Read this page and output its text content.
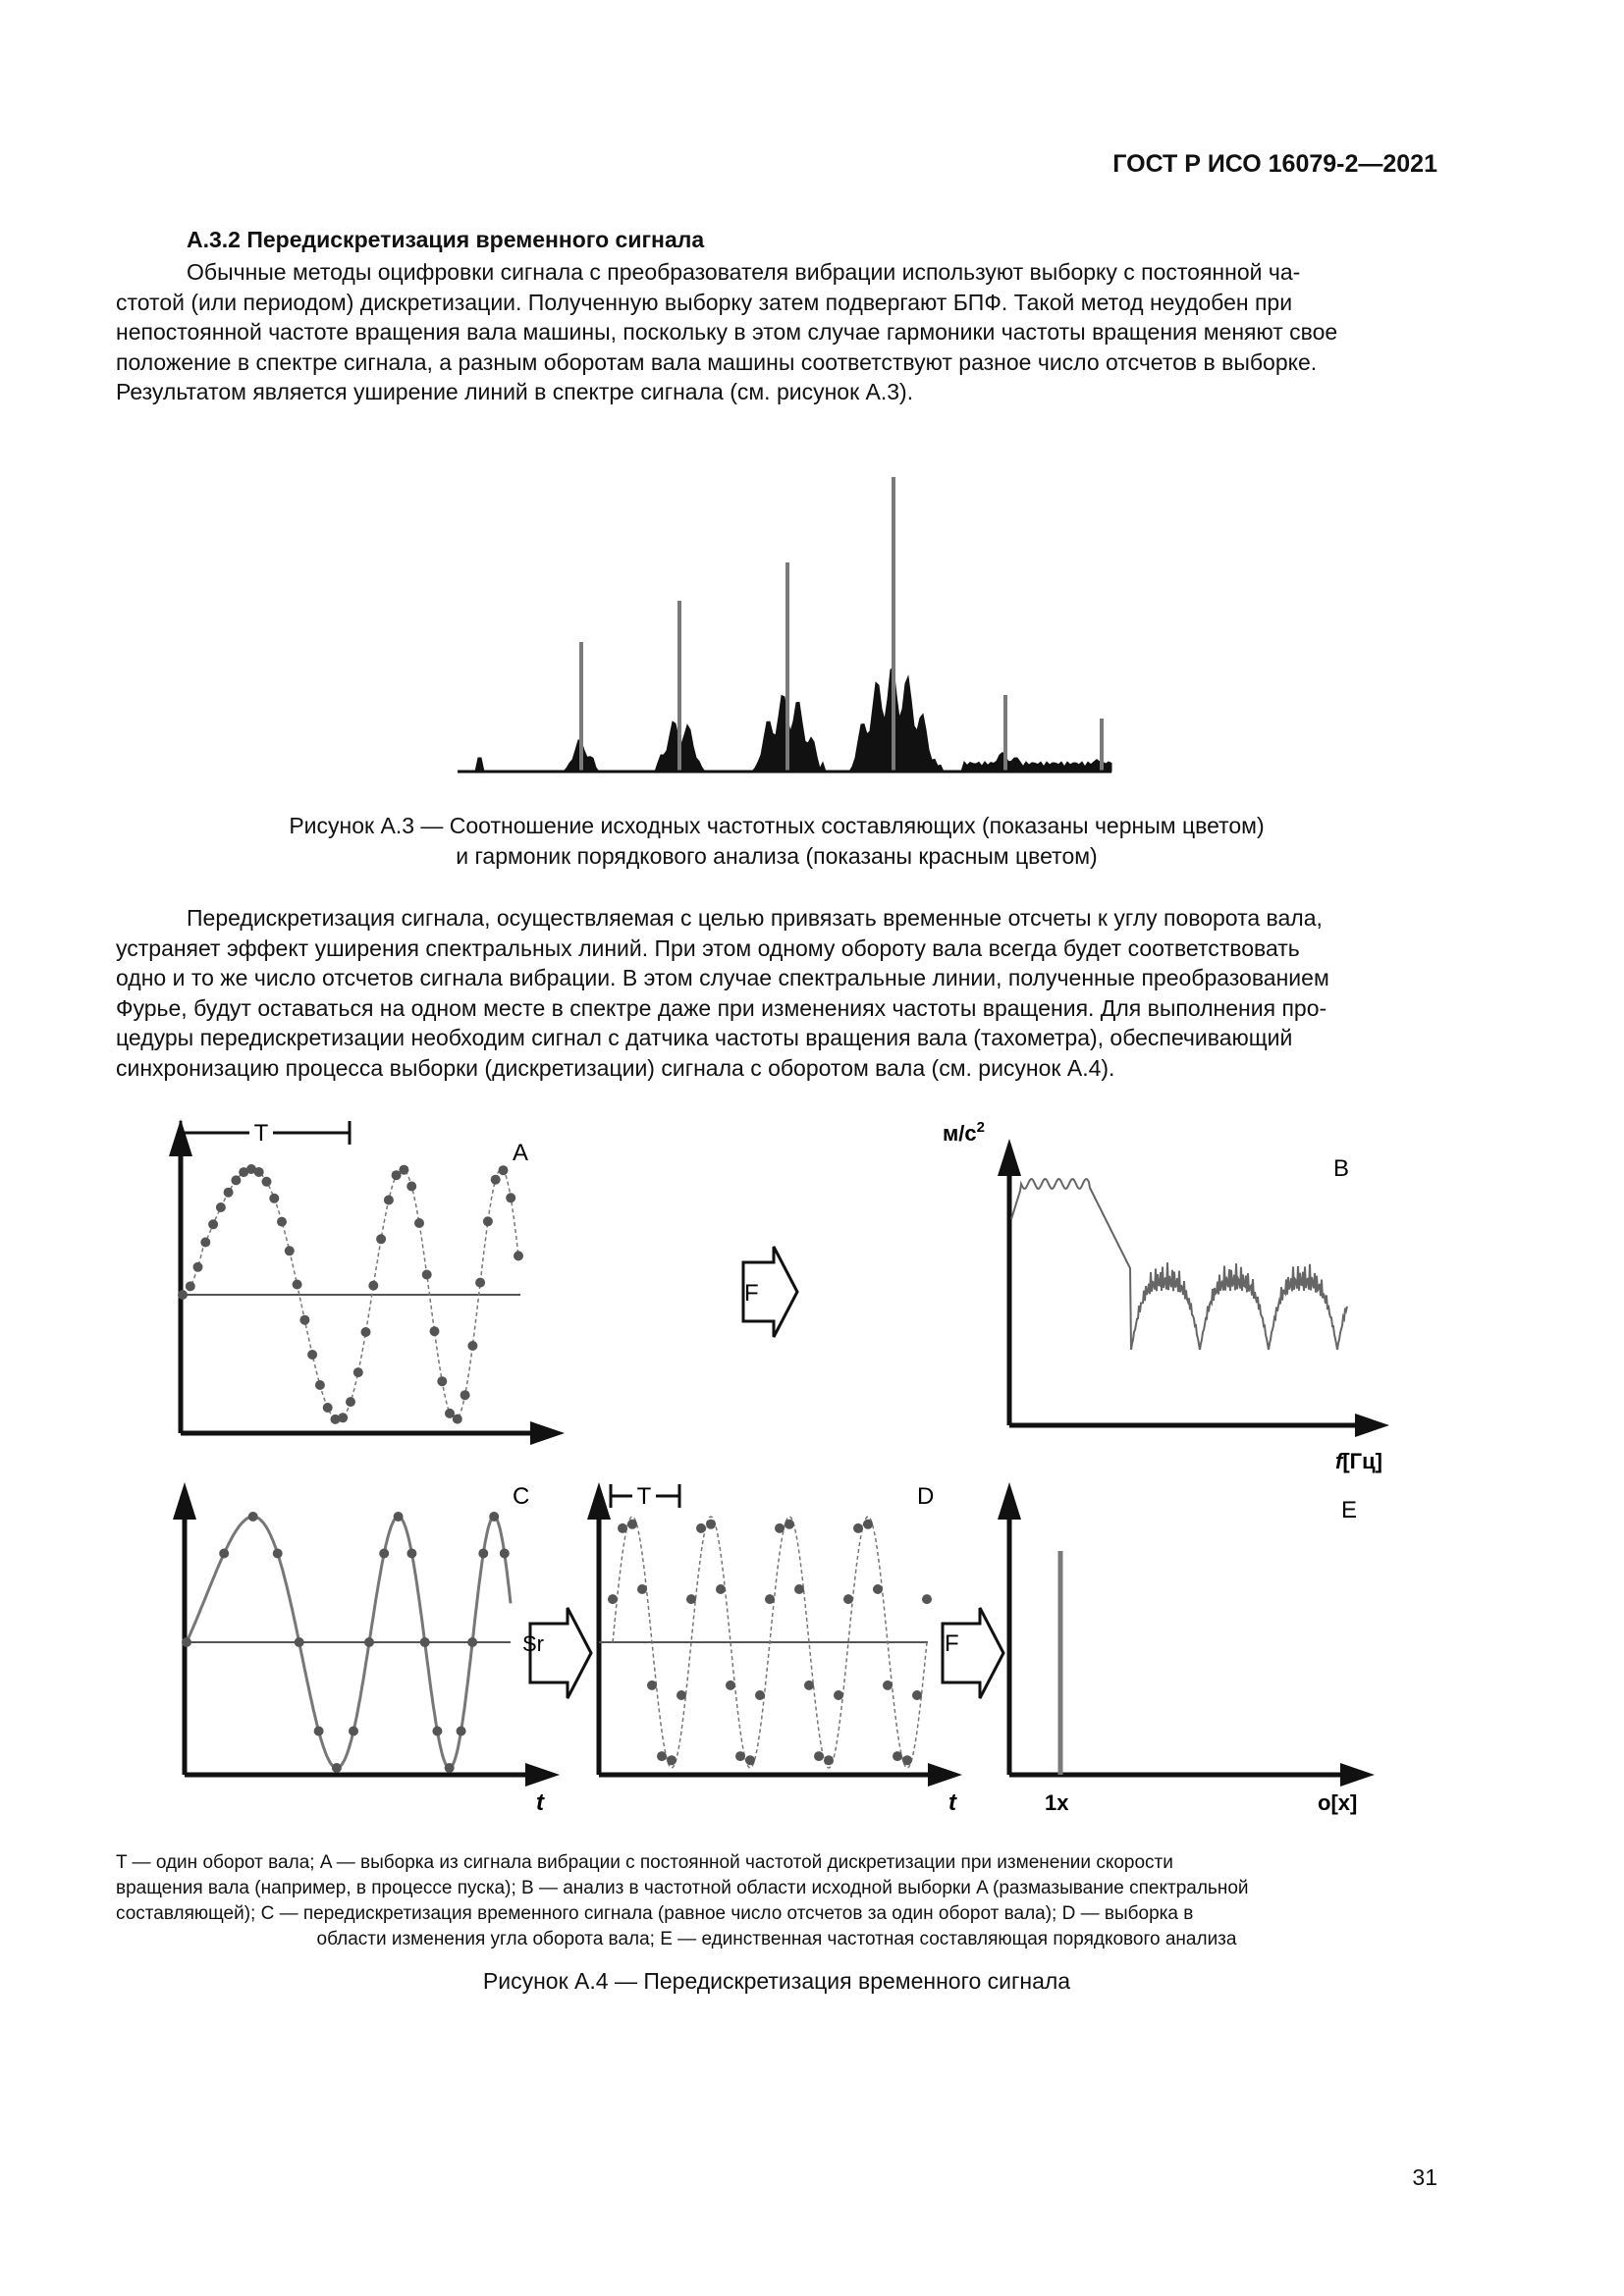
ГОСТ Р ИСО 16079-2—2021
А.3.2 Передискретизация временного сигнала
Обычные методы оцифровки сигнала с преобразователя вибрации используют выборку с постоянной ча-
стотой (или периодом) дискретизации. Полученную выборку затем подвергают БПФ. Такой метод неудобен при
непостоянной частоте вращения вала машины, поскольку в этом случае гармоники частоты вращения меняют свое
положение в спектре сигнала, а разным оборотам вала машины соответствуют разное число отсчетов в выборке.
Результатом является уширение линий в спектре сигнала (см. рисунок А.3).
Рисунок А.3 — Соотношение исходных частотных составляющих (показаны черным цветом)
и гармоник порядкового анализа (показаны красным цветом)
Передискретизация сигнала, осуществляемая с целью привязать временные отсчеты к углу поворота вала,
устраняет эффект уширения спектральных линий. При этом одному обороту вала всегда будет соответствовать
одно и то же число отсчетов сигнала вибрации. В этом случае спектральные линии, полученные преобразованием
Фурье, будут оставаться на одном месте в спектре даже при изменениях частоты вращения. Для выполнения про-
цедуры передискретизации необходим сигнал с датчика частоты вращения вала (тахометра), обеспечивающий
синхронизацию процесса выборки (дискретизации) сигнала с оборотом вала (см. рисунок А.4).
T
A
F
$м/с^2$
B
f[Гц]
C
t
Sr
T	D
t
F
E
1x	o[x]
T — один оборот вала; A — выборка из сигнала вибрации с постоянной частотой дискретизации при изменении скорости
вращения вала (например, в процессе пуска); B — анализ в частотной области исходной выборки A (размазывание спектральной
составляющей); C — передискретизация временного сигнала (равное число отсчетов за один оборот вала); D — выборка в
области изменения угла оборота вала; E — единственная частотная составляющая порядкового анализа
Рисунок А.4 — Передискретизация временного сигнала
31
